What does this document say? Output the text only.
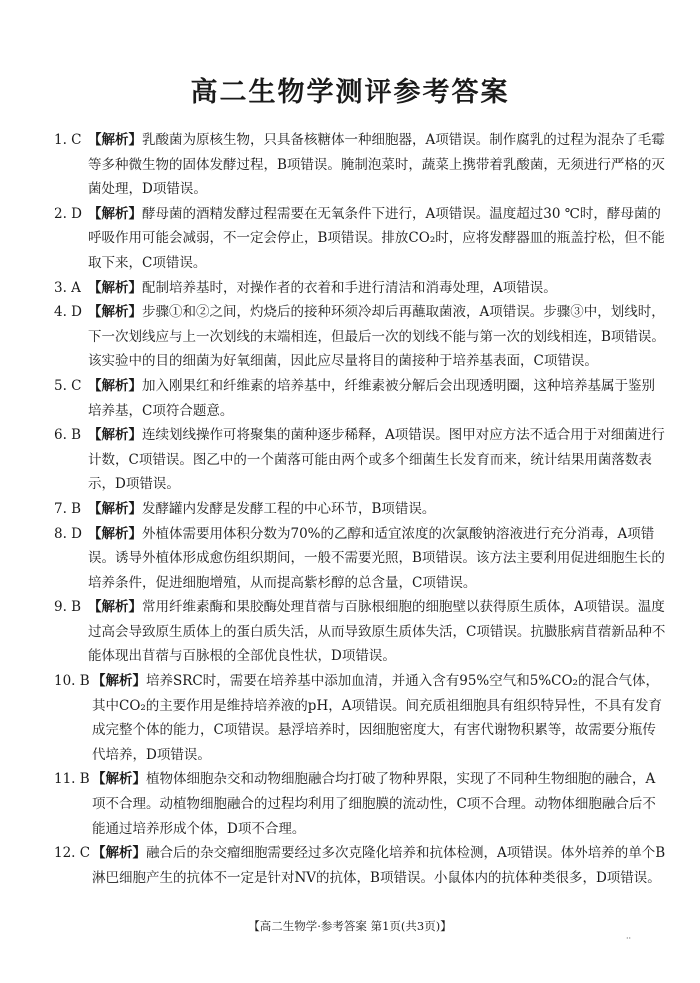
高二生物学测评参考答案

1. C 【解析】乳酸菌为原核生物，只具备核糖体一种细胞器，A项错误。制作腐乳的过程为混杂了毛霉等多种微生物的固体发酵过程，B项错误。腌制泡菜时，蔬菜上携带着乳酸菌，无须进行严格的灭菌处理，D项错误。

2. D 【解析】酵母菌的酒精发酵过程需要在无氧条件下进行，A项错误。温度超过30 ℃时，酵母菌的呼吸作用可能会减弱，不一定会停止，B项错误。排放CO₂时，应将发酵器皿的瓶盖拧松，但不能取下来，C项错误。

3. A 【解析】配制培养基时，对操作者的衣着和手进行清洁和消毒处理，A项错误。

4. D 【解析】步骤①和②之间，灼烧后的接种环须冷却后再蘸取菌液，A项错误。步骤③中，划线时，下一次划线应与上一次划线的末端相连，但最后一次的划线不能与第一次的划线相连，B项错误。该实验中的目的细菌为好氧细菌，因此应尽量将目的菌接种于培养基表面，C项错误。

5. C 【解析】加入刚果红和纤维素的培养基中，纤维素被分解后会出现透明圈，这种培养基属于鉴别培养基，C项符合题意。

6. B 【解析】连续划线操作可将聚集的菌种逐步稀释，A项错误。图甲对应方法不适合用于对细菌进行计数，C项错误。图乙中的一个菌落可能由两个或多个细菌生长发育而来，统计结果用菌落数表示，D项错误。

7. B 【解析】发酵罐内发酵是发酵工程的中心环节，B项错误。

8. D 【解析】外植体需要用体积分数为70%的乙醇和适宜浓度的次氯酸钠溶液进行充分消毒，A项错误。诱导外植体形成愈伤组织期间，一般不需要光照，B项错误。该方法主要利用促进细胞生长的培养条件，促进细胞增殖，从而提高紫杉醇的总含量，C项错误。

9. B 【解析】常用纤维素酶和果胶酶处理苜蓿与百脉根细胞的细胞壁以获得原生质体，A项错误。温度过高会导致原生质体上的蛋白质失活，从而导致原生质体失活，C项错误。抗臌胀病苜蓿新品种不能体现出苜蓿与百脉根的全部优良性状，D项错误。

10. B 【解析】培养SRC时，需要在培养基中添加血清，并通入含有95%空气和5%CO₂的混合气体，其中CO₂的主要作用是维持培养液的pH，A项错误。间充质祖细胞具有组织特异性，不具有发育成完整个体的能力，C项错误。悬浮培养时，因细胞密度大，有害代谢物积累等，故需要分瓶传代培养，D项错误。

11. B 【解析】植物体细胞杂交和动物细胞融合均打破了物种界限，实现了不同种生物细胞的融合，A项不合理。动植物细胞融合的过程均利用了细胞膜的流动性，C项不合理。动物体细胞融合后不能通过培养形成个体，D项不合理。

12. C 【解析】融合后的杂交瘤细胞需要经过多次克隆化培养和抗体检测，A项错误。体外培养的单个B淋巴细胞产生的抗体不一定是针对NV的抗体，B项错误。小鼠体内的抗体种类很多，D项错误。

【高二生物学·参考答案 第1页(共3页)】
··
